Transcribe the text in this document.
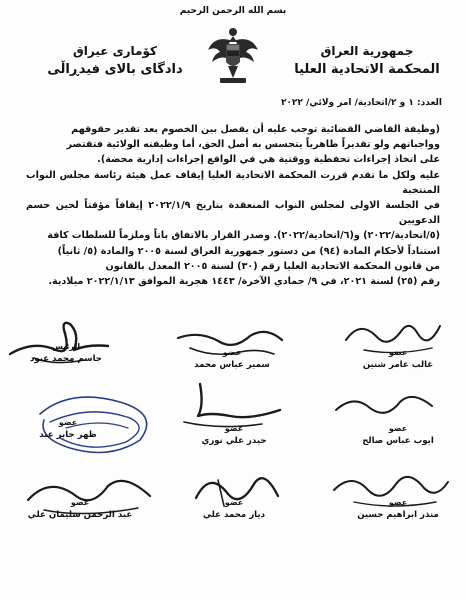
بسم الله الرحمن الرحيم
جمهورية العراق
المحكمة الاتحادية العليا
كۆماری عیراق
دادگای بالای فیدڕاڵی
العدد: ١ و ٢/اتحادية/ امر ولائي/ ٢٠٢٢

(وظيفة القاضي القضائية توجب عليه أن يفصل بين الخصوم بعد تقدير حقوقهم

وواجباتهم ولو تقديراً ظاهرياً يتحسس به أصل الحق، أما وظيفته الولائية فتقتصر

على اتخاذ إجراءات تحفظية ووقتية هي في الواقع إجراءات إدارية محضة).

عليه ولكل ما تقدم قررت المحكمة الاتحادية العليا إيقاف عمل هيئة رئاسة مجلس النواب المنتخبة

في الجلسة الاولى لمجلس النواب المنعقدة بتاريخ ٢٠٢٢/١/٩ إيقافاً مؤقتاً لحين حسم الدعويين

(٥/اتحادية/٢٠٢٢) و(٦/اتحادية/٢٠٢٢). وصدر القرار بالاتفاق باتاً وملزماً للسلطات كافة

استناداً لأحكام المادة (٩٤) من دستور جمهورية العراق لسنة ٢٠٠٥ والمادة (٥/ ثانياً)

من قانون المحكمة الاتحادية العليا رقم (٣٠) لسنة ٢٠٠٥ المعدل بالقانون

رقم (٢٥) لسنة ٢٠٢١، في ٩/ جمادي الآخرة/ ١٤٤٣ هجرية الموافق ٢٠٢٢/١/١٣ ميلادية.

الرئيس
جاسم محمد عبود
عضو
سمير عباس محمد
عضو
غالب عامر شنين
عضو
ظهر جابر عبد
عضو
حيدر علي نوري
عضو
ايوب عباس صالح
عضو
عبد الرحمن سليمان علي
عضو
ديار محمد علي
عضو
منذر ابراهيم حسين
